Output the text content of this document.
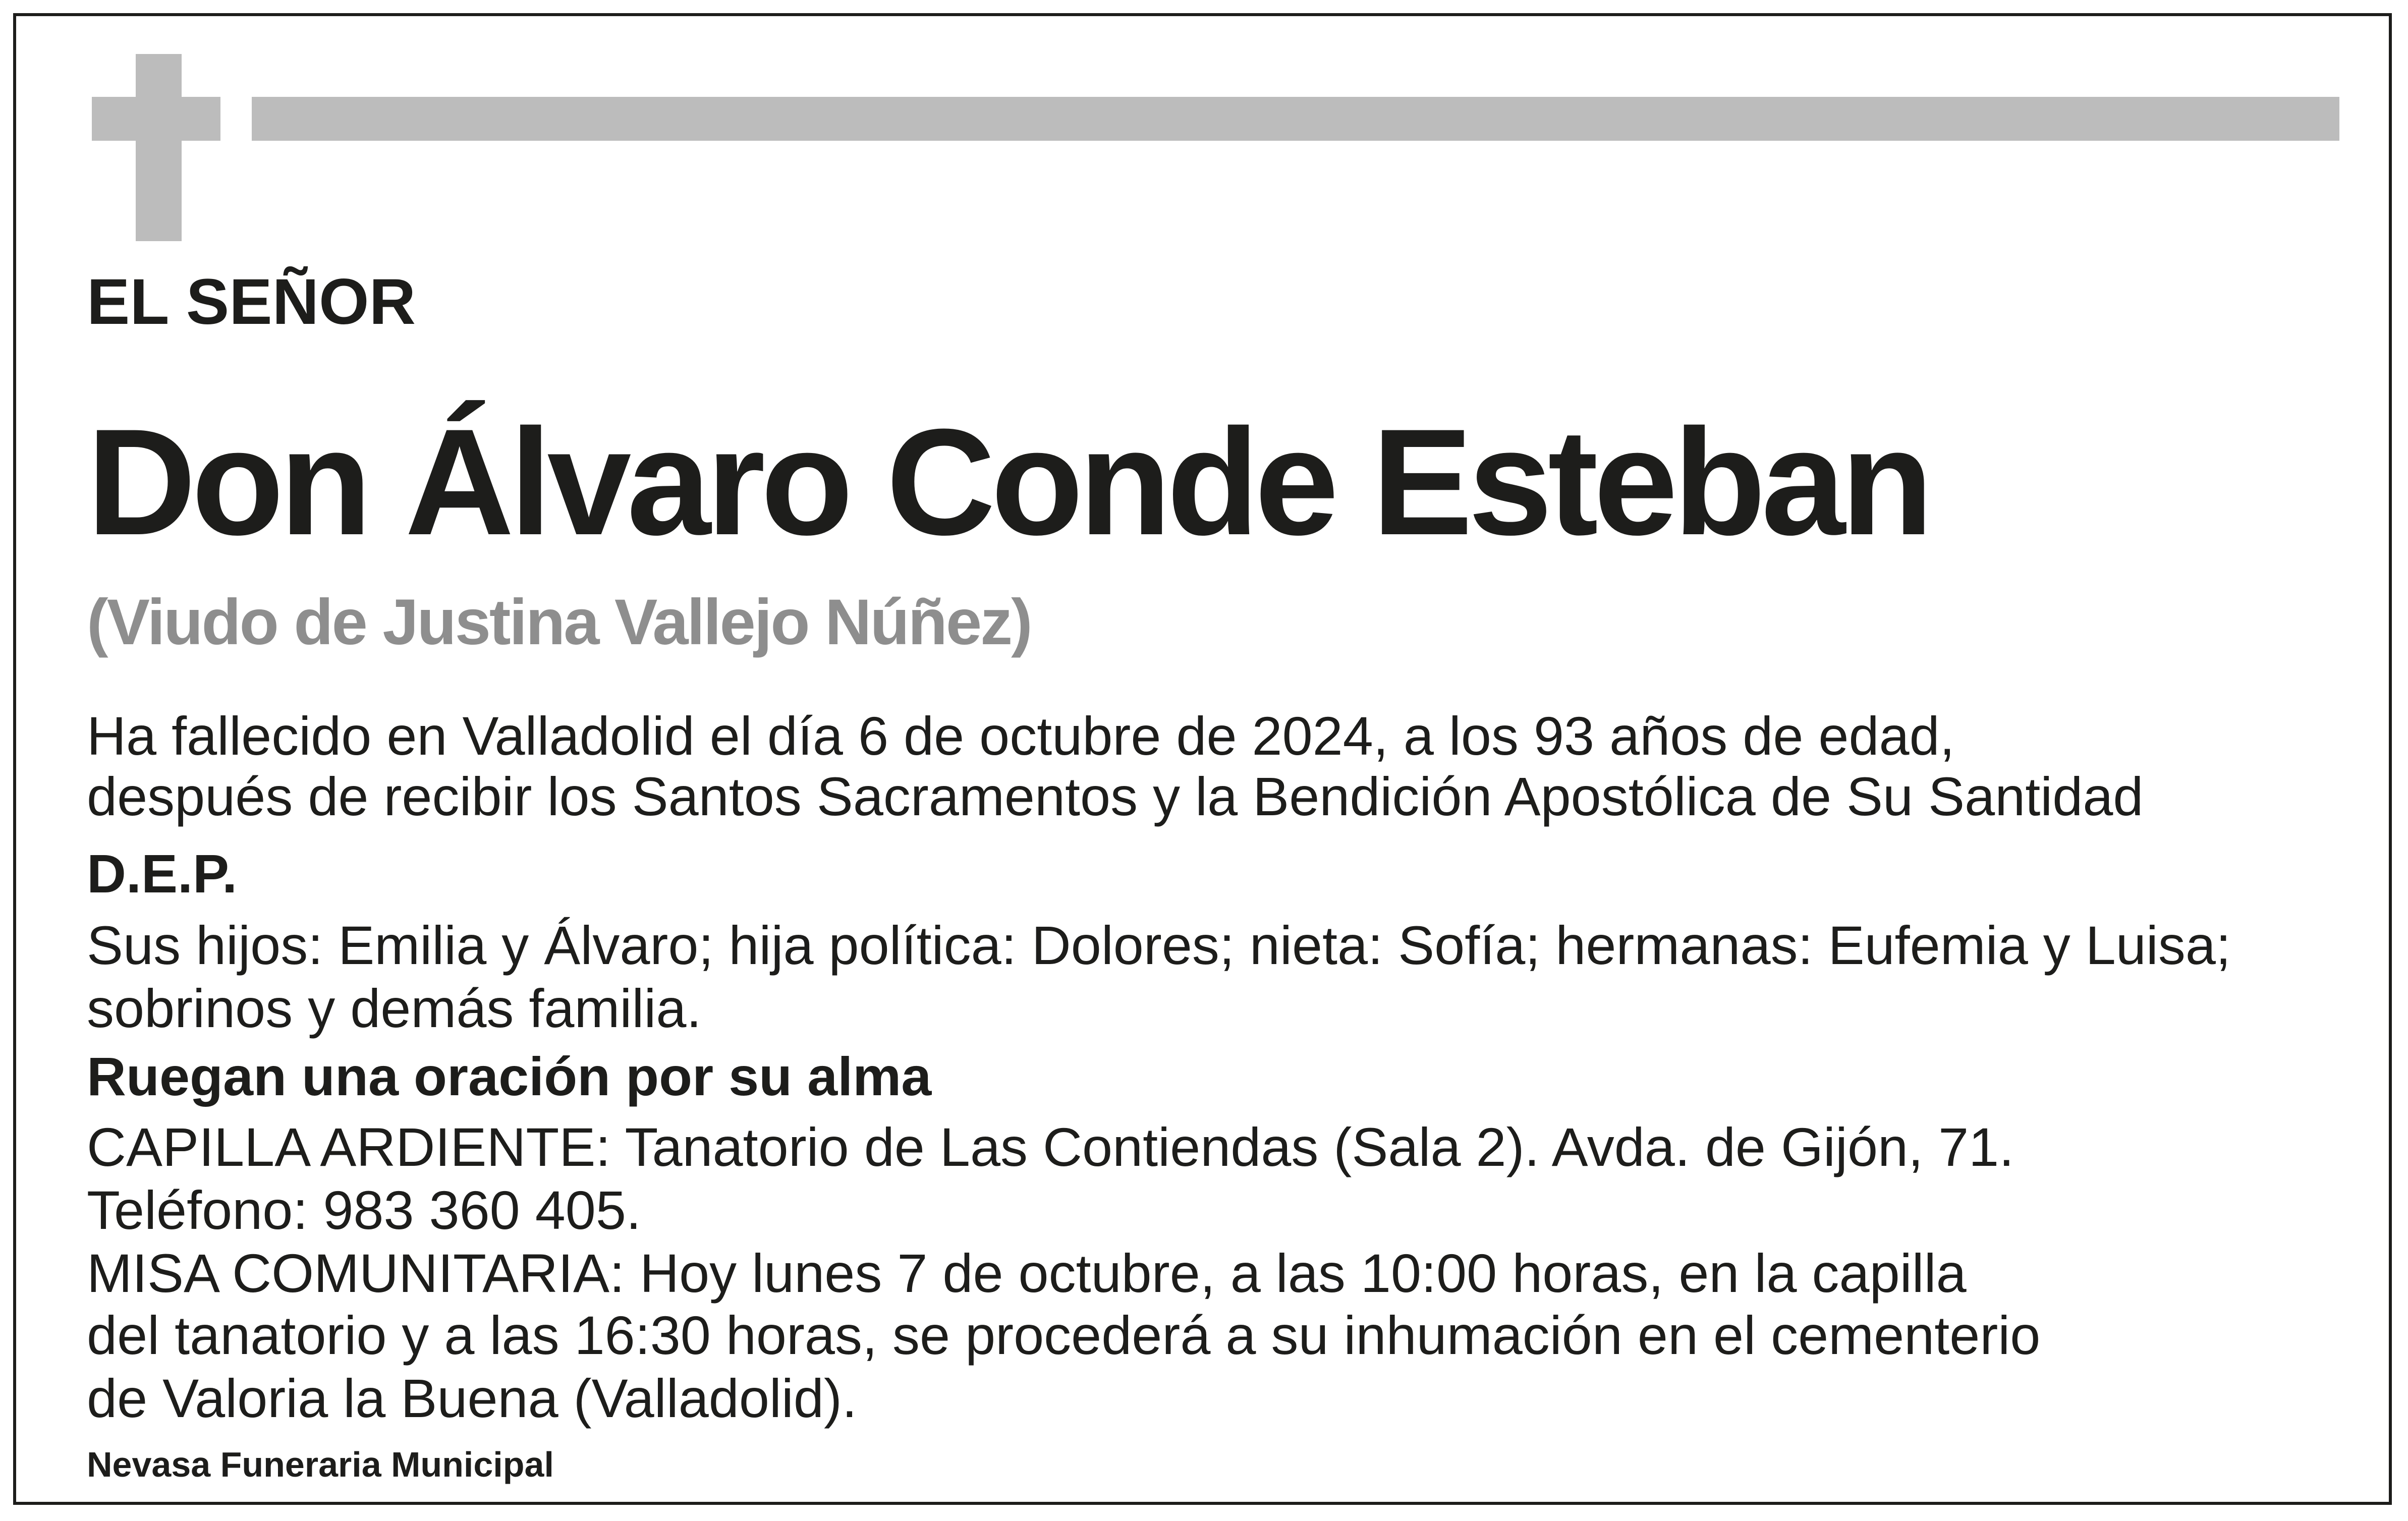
EL SEÑOR
Don Álvaro Conde Esteban
(Viudo de Justina Vallejo Núñez)
Ha fallecido en Valladolid el día 6 de octubre de 2024, a los 93 años de edad,
después de recibir los Santos Sacramentos y la Bendición Apostólica de Su Santidad
D.E.P.
Sus hijos: Emilia y Álvaro; hija política: Dolores; nieta: Sofía; hermanas: Eufemia y Luisa;
sobrinos y demás familia.
Ruegan una oración por su alma
CAPILLA ARDIENTE: Tanatorio de Las Contiendas (Sala 2). Avda. de Gijón, 71.
Teléfono: 983 360 405.
MISA COMUNITARIA: Hoy lunes 7 de octubre, a las 10:00 horas, en la capilla
del tanatorio y a las 16:30 horas, se procederá a su inhumación en el cementerio
de Valoria la Buena (Valladolid).
Nevasa Funeraria Municipal
